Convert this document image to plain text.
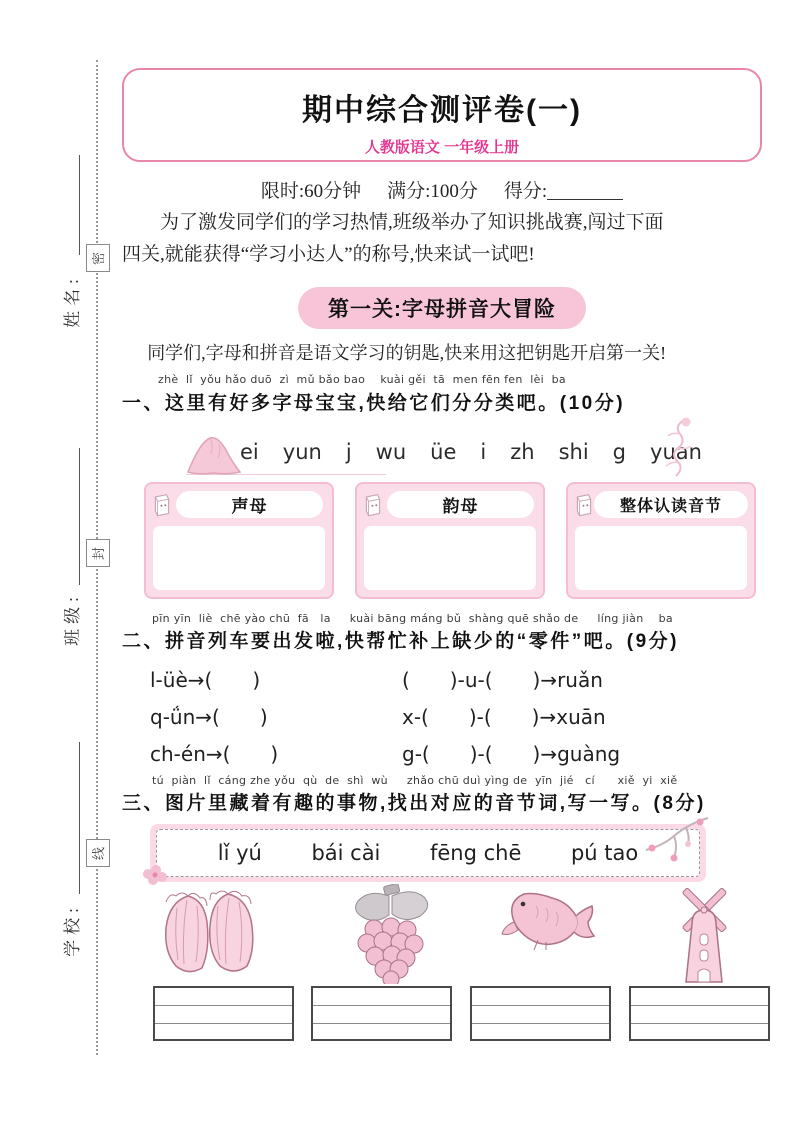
密
封
线
姓名:
班级:
学校:
期中综合测评卷(一)
人教版语文 一年级上册
限时:60分钟 满分:100分 得分:
为了激发同学们的学习热情,班级举办了知识挑战赛,闯过下面
四关,就能获得“学习小达人”的称号,快来试一试吧!
第一关:字母拼音大冒险
同学们,字母和拼音是语文学习的钥匙,快来用这把钥匙开启第一关!
zhè  lǐ  yǒu hǎo duō  zì  mǔ bǎo bao    kuài gěi  tā  men fēn fen  lèi  ba
一、这里有好多字母宝宝,快给它们分分类吧。(10分)
ei yun j wu üe i zh shi g yuan
声母	韵母	整体认读音节
pīn yīn  liè  chē yào chū  fā   la     kuài bāng máng bǔ  shàng quē shǎo de     líng jiàn    ba
二、拼音列车要出发啦,快帮忙补上缺少的“零件”吧。(9分)
l-üè→(　　)	(　　)-u-(　　)→ruǎn
q-ǘn→(　　)	x-(　　)-(　　)→xuān
ch-én→(　　)	g-(　　)-(　　)→guàng
tú  piàn  lǐ  cáng zhe yǒu  qù  de  shì  wù     zhǎo chū duì yìng de  yīn  jié   cí      xiě  yi  xiě
三、图片里藏着有趣的事物,找出对应的音节词,写一写。(8分)
lǐ yú bái cài fēng chē pú tao
